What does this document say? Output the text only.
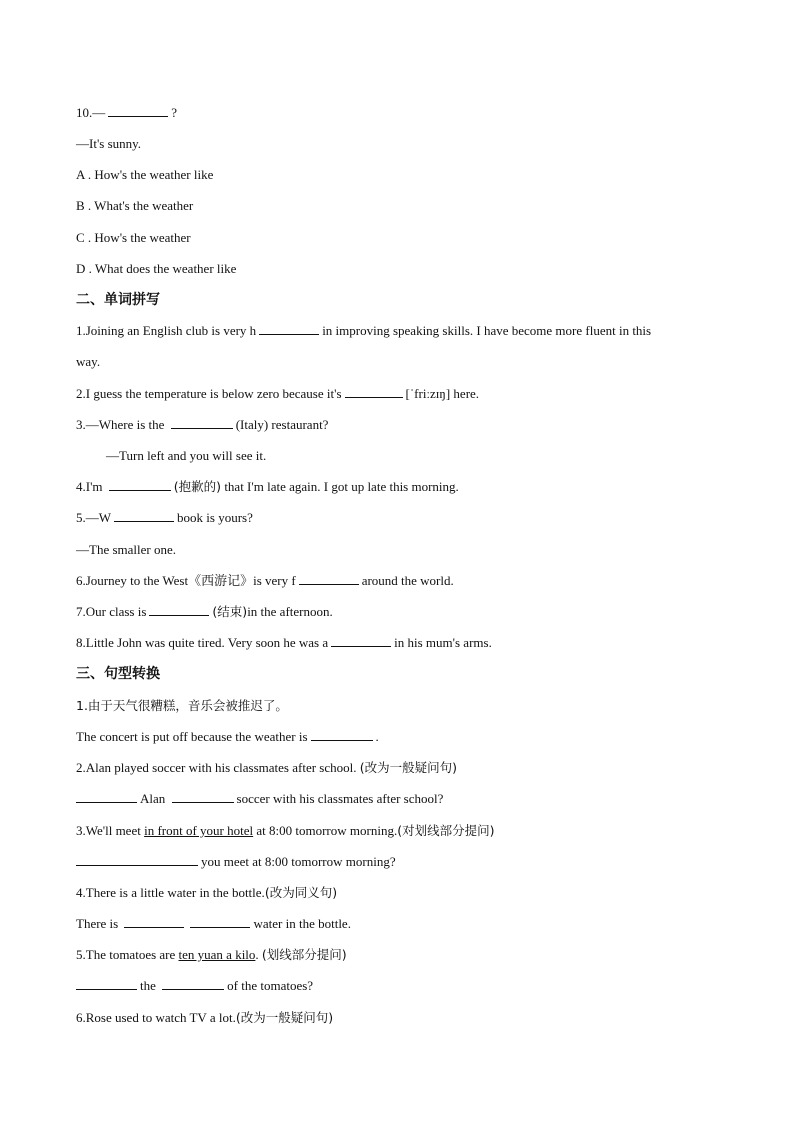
10.—	?
—It's sunny.
A . How's the weather like
B . What's the weather
C . How's the weather
D . What does the weather like
二、单词拼写
1.Joining an English club is very h	in improving speaking skills. I have become more fluent in this
way.
2.I guess the temperature is below zero because it's	[ˈfriːzɪŋ] here.
3.—Where is the	(Italy) restaurant?
—Turn left and you will see it.
4.I'm	(抱歉的) that I'm late again. I got up late this morning.
5.—W	book is yours?
—The smaller one.
6.Journey to the West《西游记》is very f	around the world.
7.Our class is	(结束)in the afternoon.
8.Little John was quite tired. Very soon he was a	in his mum's arms.
三、句型转换
1.由于天气很糟糕，音乐会被推迟了。
The concert is put off because the weather is	.
2.Alan played soccer with his classmates after school. (改为一般疑问句)
Alan	soccer with his classmates after school?
3.We'll meet in front of your hotel at 8:00 tomorrow morning.(对划线部分提问)
you meet at 8:00 tomorrow morning?
4.There is a little water in the bottle.(改为同义句)
There is	water in the bottle.
5.The tomatoes are ten yuan a kilo. (划线部分提问)
the	of the tomatoes?
6.Rose used to watch TV a lot.(改为一般疑问句)
